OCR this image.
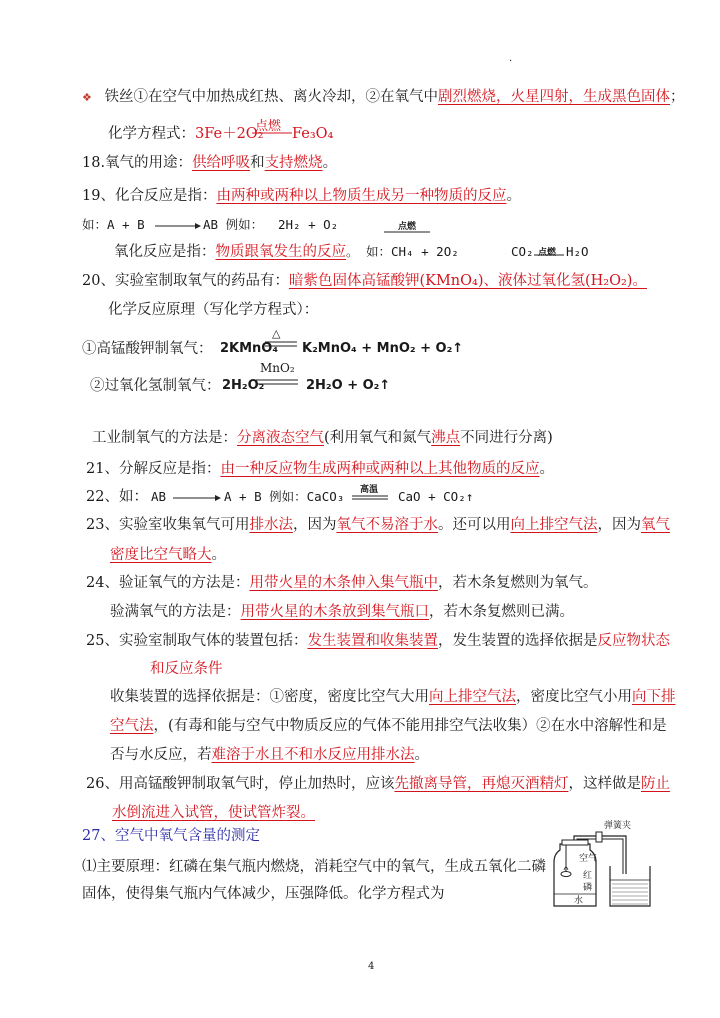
·
❖ 铁丝①在空气中加热成红热、离火冷却，②在氧气中剧烈燃烧，火星四射，生成黑色固体；
化学方程式：3Fe＋2O₂
点燃 Fe₃O₄
18.氧气的用途：供给呼吸和支持燃烧。
19、化合反应是指：由两种或两种以上物质生成另一种物质的反应。
如：A + B	AB 例如： 2H₂ + O₂	点燃
氧化反应是指：物质跟氧发生的反应。 如：CH₄ + 2O₂	CO₂ 点燃 H₂O
20、实验室制取氧气的药品有：暗紫色固体高锰酸钾(KMnO₄)、液体过氧化氢(H₂O₂)。
化学反应原理（写化学方程式）：
①高锰酸钾制氧气： 2KMnO₄
△
K₂MnO₄ + MnO₂ + O₂↑
②过氧化氢制氧气： 2H₂O₂
MnO₂
2H₂O + O₂↑
工业制氧气的方法是：分离液态空气(利用氧气和氮气沸点不同进行分离)
21、分解反应是指：由一种反应物生成两种或两种以上其他物质的反应。
22、如： AB	A + B 例如：CaCO₃ 高温 CaO + CO₂↑
23、实验室收集氧气可用排水法，因为氧气不易溶于水。还可以用向上排空气法，因为氧气
密度比空气略大。
24、验证氧气的方法是：用带火星的木条伸入集气瓶中，若木条复燃则为氧气。
验满氧气的方法是：用带火星的木条放到集气瓶口，若木条复燃则已满。
25、实验室制取气体的装置包括：发生装置和收集装置，发生装置的选择依据是反应物状态
和反应条件
收集装置的选择依据是：①密度，密度比空气大用向上排空气法，密度比空气小用向下排
空气法，(有毒和能与空气中物质反应的气体不能用排空气法收集）②在水中溶解性和是
否与水反应，若难溶于水且不和水反应用排水法。
26、用高锰酸钾制取氧气时，停止加热时，应该先撤离导管，再熄灭酒精灯，这样做是防止
水倒流进入试管，使试管炸裂。
27、空气中氧气含量的测定
⑴主要原理：红磷在集气瓶内燃烧，消耗空气中的氧气，生成五氧化二磷
固体，使得集气瓶内气体减少，压强降低。化学方程式为
弹簧夹
空气
红
磷
水
4
